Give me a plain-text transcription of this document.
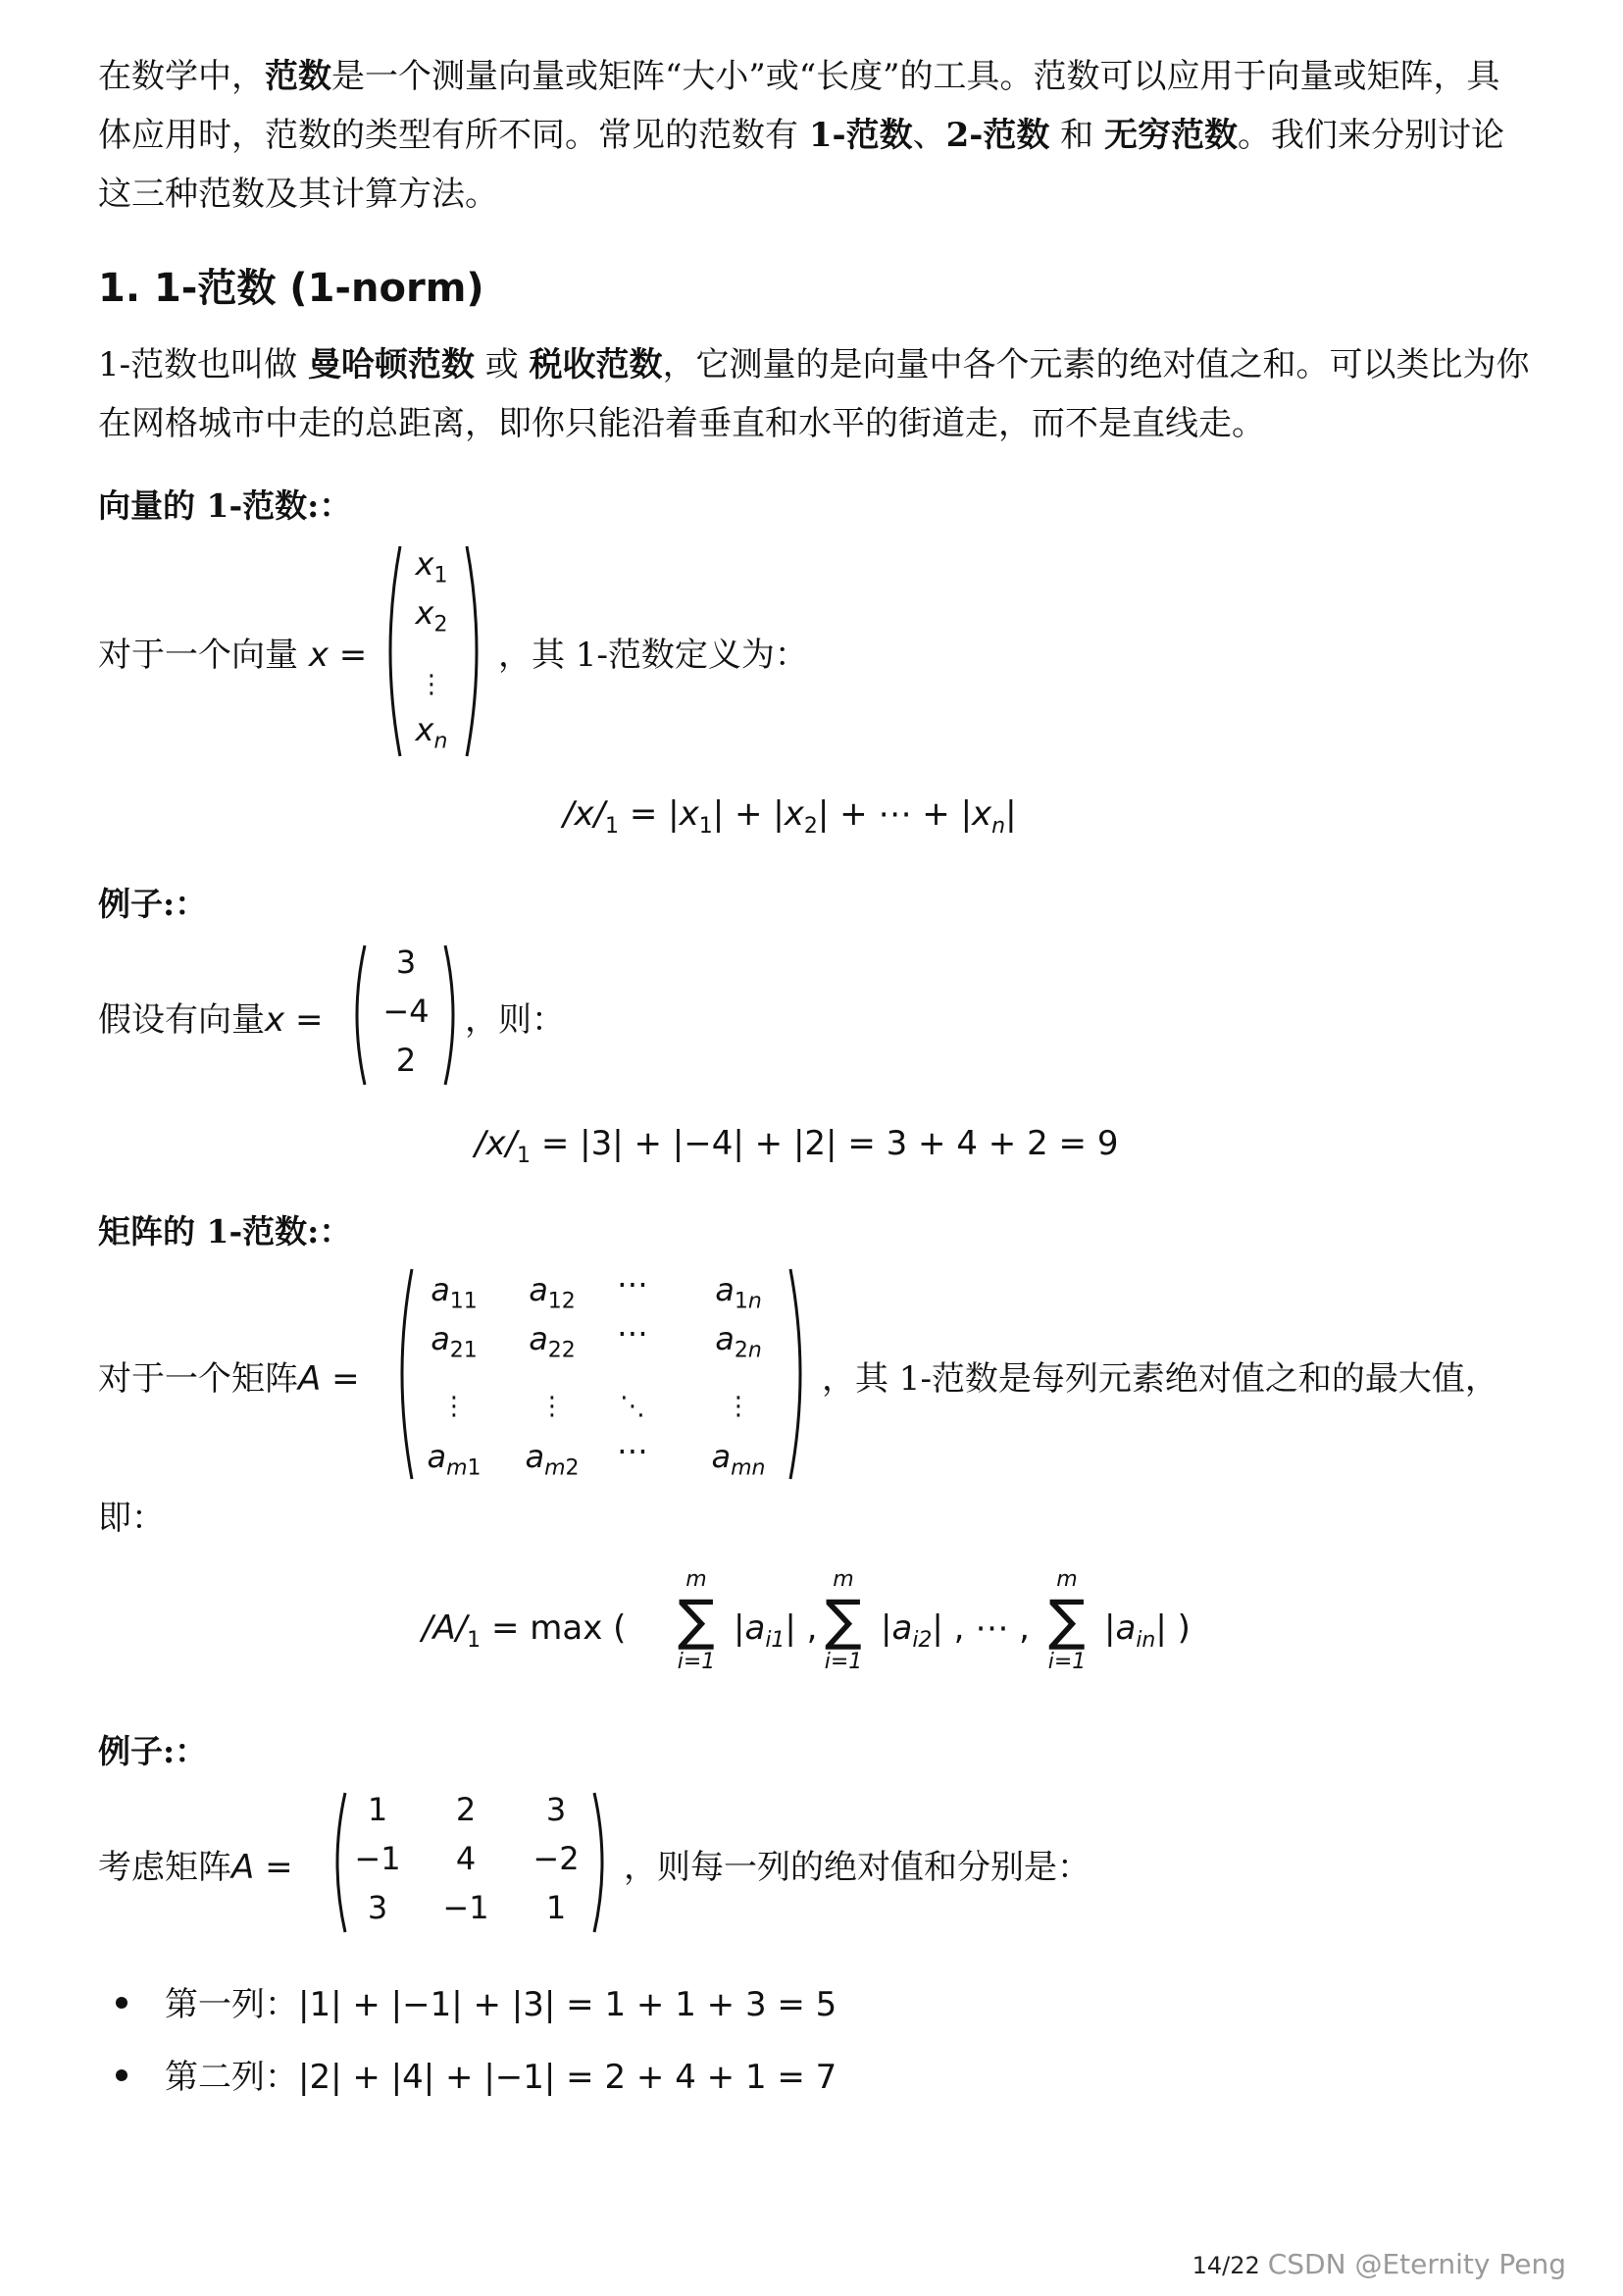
在数学中，范数是一个测量向量或矩阵“大小”或“长度”的工具。范数可以应用于向量或矩阵，具体应用时，范数的类型有所不同。常见的范数有 1-范数、2-范数 和 无穷范数。我们来分别讨论这三种范数及其计算方法。

1. 1-范数 (1-norm)

1-范数也叫做 曼哈顿范数 或 税收范数，它测量的是向量中各个元素的绝对值之和。可以类比为你在网格城市中走的总距离，即你只能沿着垂直和水平的街道走，而不是直线走。

向量的 1-范数:：
对于一个向量 x =
$x_1$
$x_2$
⋮
$x_n$
，其 1-范数定义为：
$∕x∕_1 = |x_1| + |x_2|$ + ⋯ + $|x_n|$
例子:：
假设有向量x =
3
−4
2
，则：
$∕x∕_1 = |3| + |-4| + |2| = 3 + 4 + 2 = 9$
矩阵的 1-范数:：
对于一个矩阵A =
$a_{11}$	$a_{12}$	⋯	$a_{1n}$
$a_{21}$	$a_{22}$	⋯	$a_{2n}$
⋮	⋮	⋱	⋮
$a_{m1}$	$a_{m2}$	⋯	$a_{mn}$
，其 1-范数是每列元素绝对值之和的最大值，
即：
$∕A∕_1 = \max$ (
m
∑
i=1
$|a_{i1}|$ ,
m
∑
i=1
$|a_{i2}|$ , ⋯ ,
m
∑
i=1
$|a_{in}|$ )
例子:：
考虑矩阵A =
1	2	3
−1	4	−2
3	−1	1
，则每一列的绝对值和分别是：
第一列：|1| + |−1| + |3| = 1 + 1 + 3 = 5
第二列：|2| + |4| + |−1| = 2 + 4 + 1 = 7
14/22 CSDN @Eternity Peng
